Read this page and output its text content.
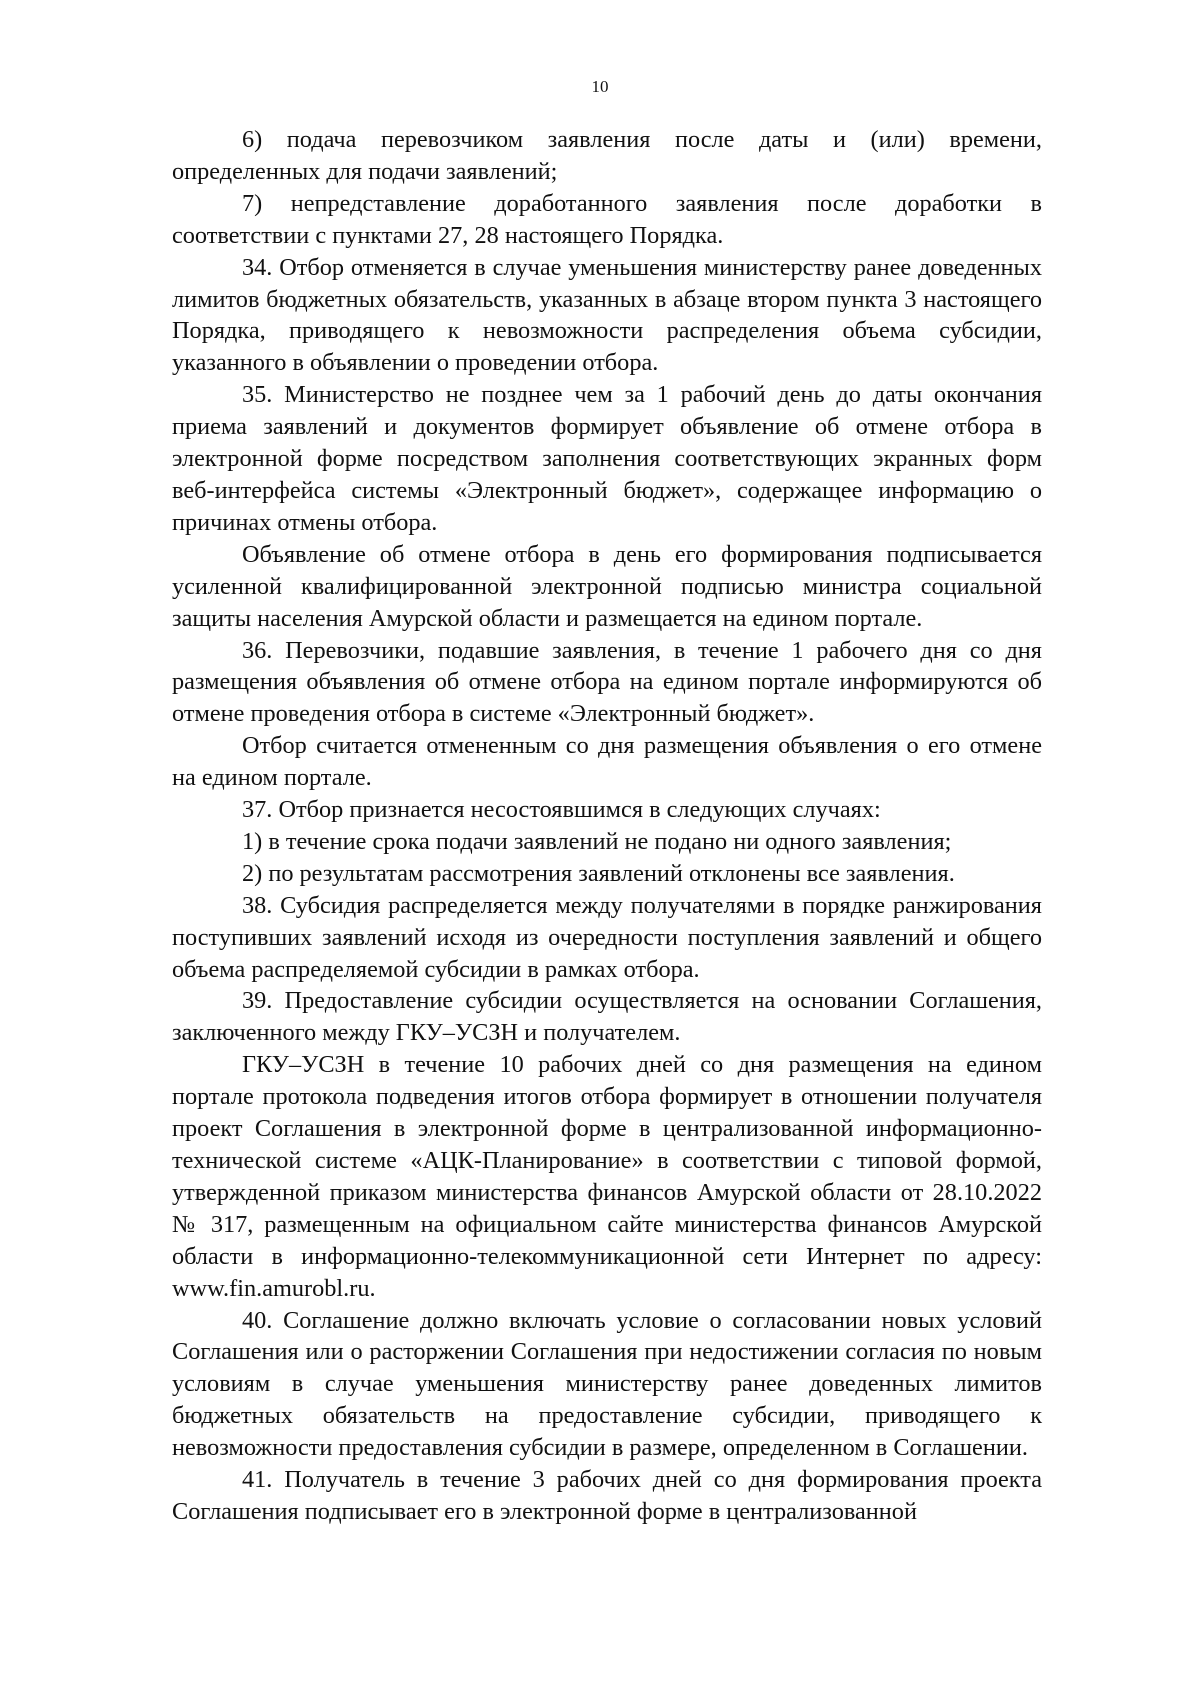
10

6) подача перевозчиком заявления после даты и (или) времени, определенных для подачи заявлений;

7) непредставление доработанного заявления после доработки в соответствии с пунктами 27, 28 настоящего Порядка.

34. Отбор отменяется в случае уменьшения министерству ранее доведенных лимитов бюджетных обязательств, указанных в абзаце втором пункта 3 настоящего Порядка, приводящего к невозможности распределения объема субсидии, указанного в объявлении о проведении отбора.

35. Министерство не позднее чем за 1 рабочий день до даты окончания приема заявлений и документов формирует объявление об отмене отбора в электронной форме посредством заполнения соответствующих экранных форм веб-интерфейса системы «Электронный бюджет», содержащее информацию о причинах отмены отбора.

Объявление об отмене отбора в день его формирования подписывается усиленной квалифицированной электронной подписью министра социальной защиты населения Амурской области и размещается на едином портале.

36. Перевозчики, подавшие заявления, в течение 1 рабочего дня со дня размещения объявления об отмене отбора на едином портале информируются об отмене проведения отбора в системе «Электронный бюджет».

Отбор считается отмененным со дня размещения объявления о его отмене на едином портале.

37. Отбор признается несостоявшимся в следующих случаях:

1) в течение срока подачи заявлений не подано ни одного заявления;

2) по результатам рассмотрения заявлений отклонены все заявления.

38. Субсидия распределяется между получателями в порядке ранжирования поступивших заявлений исходя из очередности поступления заявлений и общего объема распределяемой субсидии в рамках отбора.

39. Предоставление субсидии осуществляется на основании Соглашения, заключенного между ГКУ–УСЗН и получателем.

ГКУ–УСЗН в течение 10 рабочих дней со дня размещения на едином портале протокола подведения итогов отбора формирует в отношении получателя проект Соглашения в электронной форме в централизованной информационно-технической системе «АЦК-Планирование» в соответствии с типовой формой, утвержденной приказом министерства финансов Амурской области от 28.10.2022 № 317, размещенным на официальном сайте министерства финансов Амурской области в информационно-телекоммуникационной сети Интернет по адресу: www.fin.amurobl.ru.

40. Соглашение должно включать условие о согласовании новых условий Соглашения или о расторжении Соглашения при недостижении согласия по новым условиям в случае уменьшения министерству ранее доведенных лимитов бюджетных обязательств на предоставление субсидии, приводящего к невозможности предоставления субсидии в размере, определенном в Соглашении.

41. Получатель в течение 3 рабочих дней со дня формирования проекта Соглашения подписывает его в электронной форме в централизованной
